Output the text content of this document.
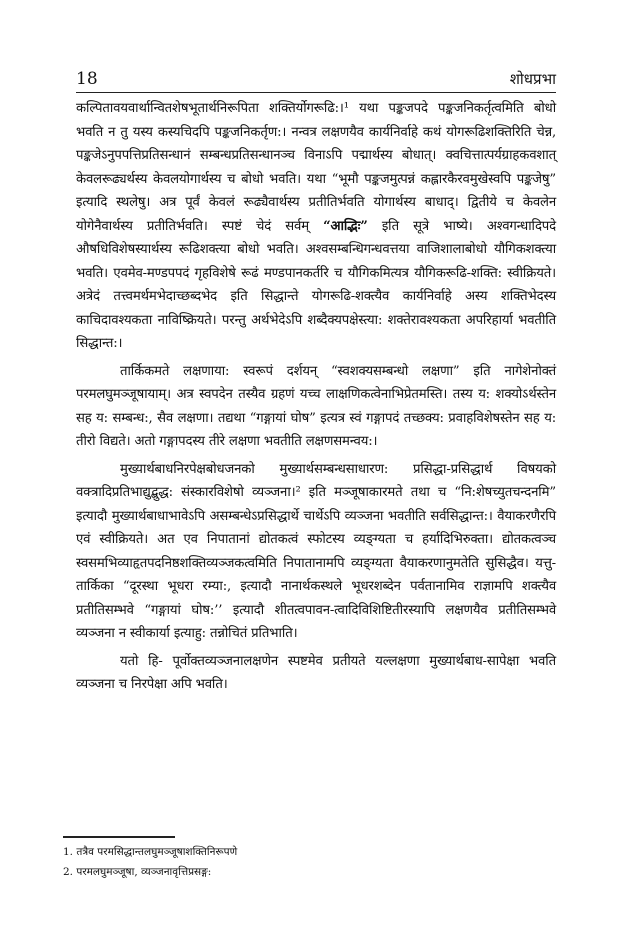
18	शोधप्रभा

कल्पितावयवार्थान्वितशेषभूतार्थनिरूपिता शक्तिर्योगरूढि:।¹ यथा पङ्कजपदे पङ्कजनिकर्तृत्वमिति बोधो भवति न तु यस्य कस्यचिदपि पङ्कजनिकर्तृण:। नन्वत्र लक्षणयैव कार्यनिर्वाहे कथं योगरूढिशक्तिरिति चेन्न, पङ्कजेऽनुपपत्तिप्रतिसन्धानं सम्बन्धप्रतिसन्धानञ्च विनाऽपि पद्मार्थस्य बोधात्। क्वचित्तात्पर्यग्राहकवशात् केवलरूढ्यर्थस्य केवलयोगार्थस्य च बोधो भवति। यथा “भूमौ पङ्कजमुत्पन्नं कह्लारकैरवमुखेस्वपि पङ्कजेषु” इत्यादि स्थलेषु। अत्र पूर्वं केवलं रूढ्यैवार्थस्य प्रतीतिर्भवति योगार्थस्य बाधाद्। द्वितीये च केवलेन योगेनैवार्थस्य प्रतीतिर्भवति। स्पष्टं चेदं सर्वम् “आद्भिः” इति सूत्रे भाष्ये। अश्वगन्धादिपदे औषधिविशेषस्यार्थस्य रूढिशक्त्या बोधो भवति। अश्वसम्बन्धिगन्धवत्तया वाजिशालाबोधो यौगिकशक्त्या भवति। एवमेव-मण्डपपदं गृहविशेषे रूढं मण्डपानकर्तरि च यौगिकमित्यत्र यौगिकरूढि-शक्ति: स्वीक्रियते। अत्रेदं तत्त्वमर्थमभेदाच्छब्दभेद इति सिद्धान्ते योगरूढि-शक्त्यैव कार्यनिर्वाहे अस्य शक्तिभेदस्य काचिदावश्यकता नाविष्क्रियते। परन्तु अर्थभेदेऽपि शब्दैक्यपक्षेस्त्या: शक्तेरावश्यकता अपरिहार्या भवतीति सिद्धान्त:।

तार्किकमते लक्षणाया: स्वरूपं दर्शयन् “स्वशक्यसम्बन्धो लक्षणा” इति नागेशेनोक्तं परमलघुमञ्जूषायाम्। अत्र स्वपदेन तस्यैव ग्रहणं यच्च लाक्षणिकत्वेनाभिप्रेतमस्ति। तस्य य: शक्योऽर्थस्तेन सह य: सम्बन्ध:, सैव लक्षणा। तद्यथा “गङ्गायां घोष” इत्यत्र स्वं गङ्गापदं तच्छक्य: प्रवाहविशेषस्तेन सह य: तीरो विद्यते। अतो गङ्गापदस्य तीरे लक्षणा भवतीति लक्षणसमन्वय:।

मुख्यार्थबाधनिरपेक्षबोधजनको मुख्यार्थसम्बन्धसाधारण: प्रसिद्धा-प्रसिद्धार्थ विषयको वक्त्रादिप्रतिभाद्युद्बुद्ध: संस्कारविशेषो व्यञ्जना।² इति मञ्जूषाकारमते तथा च “नि:शेषच्युतचन्दनमि” इत्यादौ मुख्यार्थबाधाभावेऽपि असम्बन्धेऽप्रसिद्धार्थे चार्थेऽपि व्यञ्जना भवतीति सर्वसिद्धान्त:। वैयाकरणैरपि एवं स्वीक्रियते। अत एव निपातानां द्योतकत्वं स्फोटस्य व्यङ्ग्यता च हर्यादिभिरुक्ता। द्योतकत्वञ्च स्वसमभिव्याहृतपदनिष्ठशक्तिव्यञ्जकत्वमिति निपातानामपि व्यङ्ग्यता वैयाकरणानुमतेति सुसिद्धैव। यत्तु-तार्किका “दूरस्था भूधरा रम्या:, इत्यादौ नानार्थकस्थले भूधरशब्देन पर्वतानामिव राज्ञामपि शक्त्यैव प्रतीतिसम्भवे “गङ्गायां घोष:’’ इत्यादौ शीतत्वपावन-त्वादिविशिष्टितीरस्यापि लक्षणयैव प्रतीतिसम्भवे व्यञ्जना न स्वीकार्या इत्याहु: तन्नोचितं प्रतिभाति।

यतो हि- पूर्वोक्तव्यञ्जनालक्षणेन स्पष्टमेव प्रतीयते यल्लक्षणा मुख्यार्थबाध-सापेक्षा भवति व्यञ्जना च निरपेक्षा अपि भवति।

1. तत्रैव परमसिद्धान्तलघुमञ्जूषाशक्तिनिरूपणे
2. परमलघुमञ्जूषा, व्यञ्जनावृत्तिप्रसङ्ग:
